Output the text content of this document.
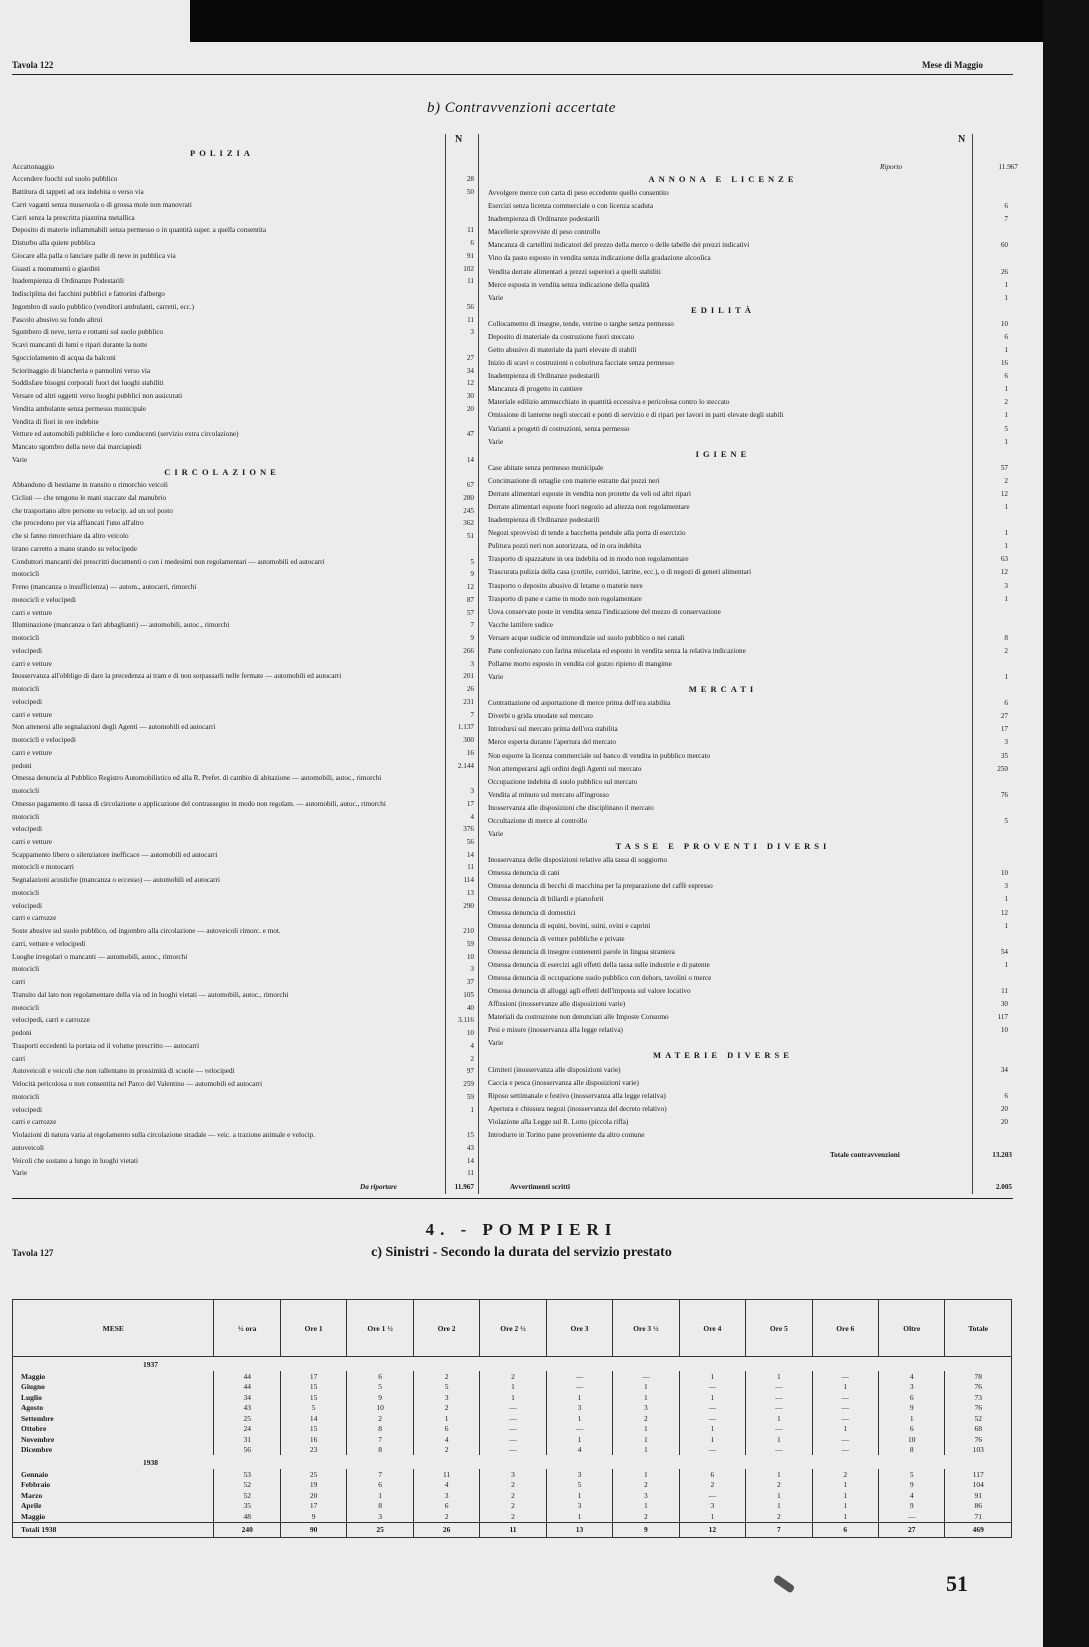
Tavola 122	Mese di Maggio
b) Contravvenzioni accertate
N	N
POLIZIA
Accattonaggio
Accendere fuochi sul suolo pubblico	28
Battitura di tappeti ad ora indebita o verso via	50
Carri vaganti senza museruola o di grossa mole non manovrati
Carri senza la prescritta piastrina metallica
Deposito di materie infiammabili senza permesso o in quantità super. a quella consentita	11
Disturbo alla quiete pubblica	6
Giocare alla palla o lanciare palle di neve in pubblica via	91
Guasti a monumenti o giardini	102
Inadempienza di Ordinanze Podestarili	11
Indisciplina dei facchini pubblici e fattorini d'albergo
Ingombro di suolo pubblico (venditori ambulanti, carretti, ecc.)	56
Pascolo abusivo su fondo altrui	11
Sgombero di neve, terra e rottami sul suolo pubblico	3
Scavi mancanti di lumi e ripari durante la notte
Sgocciolamento di acqua da balconi	27
Sciorinaggio di biancheria o pannolini verso via	34
Soddisfare bisogni corporali fuori dei luoghi stabiliti	12
Versare od altri oggetti verso luoghi pubblici non assicurati	30
Vendita ambulante senza permesso municipale	20
Vendita di fiori in ore indebite
Vetture ed automobili pubbliche e loro conducenti (servizio extra circolazione)	47
Mancato sgombro della neve dai marciapiedi
Varie	14
CIRCOLAZIONE
Abbandono di bestiame in transito o rimorchio veicoli	67
Ciclisti — che tengono le mani staccate dal manubrio	280
che trasportano altre persone su velocip. ad un sol posto	245
che procedono per via affiancati l'uno all'altro	362
che si fanno rimorchiare da altro veicolo	51
tirano carretto a mano stando su velocipede
Conduttori mancanti dei prescritti documenti o con i medesimi non regolamentari — automobili ed autocarri	5
motocicli	9
Freno (mancanza o insufficienza) — autom., autocarri, rimorchi	12
motocicli e velocipedi	87
carri e vetture	57
Illuminazione (mancanza o fari abbaglianti) — automobili, autoc., rimorchi	7
motocicli	9
velocipedi	266
carri e vetture	3
Inosservanza all'obbligo di dare la precedenza ai tram e di non sorpassarli nelle fermate — automobili ed autocarri	201
motocicli	26
velocipedi	231
carri e vetture	7
Non attenersi alle segnalazioni degli Agenti — automobili ed autocarri	1.137
motocicli e velocipedi	300
carri e vetture	16
pedoni	2.144
Omessa denuncia al Pubblico Registro Automobilistico ed alla R. Prefet. di cambio di abitazione — automobili, autoc., rimorchi
motocicli	3
Omesso pagamento di tassa di circolazione o applicazione del contrassegno in modo non regolam. — automobili, autoc., rimorchi	17
motocicli	4
velocipedi	376
carri e vetture	56
Scappamento libero o silenziatore inefficace — automobili ed autocarri	14
motocicli e motocarri	11
Segnalazioni acustiche (mancanza o eccesso) — automobili ed autocarri	114
motocicli	13
velocipedi	290
carri e carrozze
Soste abusive sul suolo pubblico, od ingombro alla circolazione — autoveicoli rimorc. e mot.	210
carri, vetture e velocipedi	59
Luoghe irregolari o mancanti — automobili, autoc., rimorchi	10
motocicli	3
carri	37
Transito dal lato non regolamentare della via od in luoghi vietati — automobili, autoc., rimorchi	105
motocicli	40
velocipedi, carri e carrozze	3.116
pedoni	10
Trasporti eccedenti la portata od il volume prescritto — autocarri	4
carri	2
Autoveicoli e veicoli che non rallentano in prossimità di scuole — velocipedi	97
Velocità pericolosa o non consentita nel Parco del Valentino — automobili ed autocarri	259
motocicli	59
velocipedi	1
carri e carrozze
Violazioni di natura varia al regolamento sulla circolazione stradale — veic. a trazione animale e velocip.	15
autoveicoli	43
Veicoli che sostano a lungo in luoghi vietati	14
Varie	11
Da riportare	11.967
Riporto	11.967
ANNONA E LICENZE
Avvolgere merce con carta di peso eccedente quello consentito
Esercizi senza licenza commerciale o con licenza scaduta	6
Inadempienza di Ordinanze podestarili	7
Macellerie sprovviste di peso controllo
Mancanza di cartellini indicatori del prezzo della merce o delle tabelle dei prezzi indicativi	60
Vino da pasto esposto in vendita senza indicazione della gradazione alcoolica
Vendita derrate alimentari a prezzi superiori a quelli stabiliti	26
Merce esposta in vendita senza indicazione della qualità	1
Varie	1
EDILITÀ
Collocamento di insegne, tende, vetrine o targhe senza permesso	10
Deposito di materiale da costruzione fuori steccato	6
Getto abusivo di materiale da parti elevate di stabili	1
Inizio di scavi o costruzioni o coloritura facciate senza permesso	16
Inadempienza di Ordinanze podestarili	6
Mancanza di progetto in cantiere	1
Materiale edilizio ammucchiato in quantità eccessiva e pericolosa contro lo steccato	2
Omissione di lanterne negli steccati e ponti di servizio e di ripari per lavori in parti elevate degli stabili	1
Varianti a progetti di costruzioni, senza permesso	5
Varie	1
IGIENE
Case abitate senza permesso municipale	57
Concimazione di ortaglie con materie estratte dai pozzi neri	2
Derrate alimentari esposte in vendita non protette da veli od altri ripari	12
Derrate alimentari esposte fuori negozio ad altezza non regolamentare	1
Inadempienza di Ordinanze podestarili
Negozi sprovvisti di tende a bacchetta pendule alla porta di esercizio	1
Pulitura pozzi neri non autorizzata, od in ora indebita	1
Trasporto di spazzature in ora indebita od in modo non regolamentare	63
Trascurata pulizia della casa (cortile, corridoi, latrine, ecc.), o di negozi di generi alimentari	12
Trasporto o deposito abusivo di letame o materie nere	3
Trasporto di pane e carne in modo non regolamentare	1
Uova conservate poste in vendita senza l'indicazione del mezzo di conservazione
Vacche lattifere sudice
Versare acque sudicie od immondizie sul suolo pubblico o nei canali	8
Pane confezionato con farina miscelata ed esposto in vendita senza la relativa indicazione	2
Pollame morto esposto in vendita col gozzo ripieno di mangime
Varie	1
MERCATI
Contrattazione od asportazione di merce prima dell'ora stabilita	6
Diverbi o grida smodate sul mercato	27
Introdursi sul mercato prima dell'ora stabilita	17
Merce esperta durante l'apertura del mercato	3
Non esporre la licenza commerciale sul banco di vendita in pubblico mercato	35
Non attemperarsi agli ordini degli Agenti sul mercato	250
Occupazione indebita di suolo pubblico sul mercato
Vendita al minuto sul mercato all'ingrosso	76
Inosservanza alle disposizioni che disciplinano il mercato
Occultazione di merce al controllo	5
Varie
TASSE E PROVENTI DIVERSI
Inosservanza delle disposizioni relative alla tassa di soggiorno
Omessa denuncia di cani	10
Omessa denuncia di becchi di macchina per la preparazione del caffè espresso	3
Omessa denuncia di biliardi e pianoforti	1
Omessa denuncia di domestici	12
Omessa denuncia di equini, bovini, suini, ovini e caprini	1
Omessa denuncia di vetture pubbliche e private
Omessa denuncia di insegne contenenti parole in lingua straniera	54
Omessa denuncia di esercizi agli effetti della tassa sulle industrie e di patente	1
Omessa denuncia di occupazione suolo pubblico con dehors, tavolini o merce
Omessa denuncia di alloggi agli effetti dell'imposta sul valore locativo	11
Affissioni (inosservanze alle disposizioni varie)	30
Materiali da costruzione non denunciati alle Imposte Consumo	117
Pesi e misure (inosservanza alla legge relativa)	10
Varie
MATERIE DIVERSE
Cimiteri (inosservanza alle disposizioni varie)	34
Caccia e pesca (inosservanza alle disposizioni varie)
Riposo settimanale e festivo (inosservanza alla legge relativa)	6
Apertura e chiusura negozi (inosservanza del decreto relativo)	20
Violazione alla Legge sul R. Lotto (piccola riffa)	20
Introdurre in Torino pane proveniente da altro comune
Totale contravvenzioni	13.203
Avvertimenti scritti	2.005
4. - POMPIERI
Tavola 127	c) Sinistri - Secondo la durata del servizio prestato
MESE	½ ora	Ore 1	Ore 1 ½	Ore 2	Ore 2 ½	Ore 3	Ore 3 ½	Ore 4	Ore 5	Ore 6	Oltre	Totale
1937												
Maggio	44	17	6	2	2	—	—	1	1	—	4	78
Giugno	44	15	5	5	1	—	1	—	—	1	3	76
Luglio	34	15	9	3	1	1	1	1	—	—	6	73
Agosto	43	5	10	2	—	3	3	—	—	—	9	76
Settembre	25	14	2	1	—	1	2	—	1	—	1	52
Ottobre	24	15	8	6	—	—	1	1	—	1	6	68
Novembre	31	16	7	4	—	1	1	1	1	—	10	76
Dicembre	56	23	8	2	—	4	1	—	—	—	8	103
1938												
Gennaio	53	25	7	11	3	3	1	6	1	2	5	117
Febbraio	52	19	6	4	2	5	2	2	2	1	9	104
Marzo	52	20	1	3	2	1	3	—	1	1	4	91
Aprile	35	17	8	6	2	3	1	3	1	1	9	86
Maggio	48	9	3	2	2	1	2	1	2	1	—	71
Totali 1938	240	90	25	26	11	13	9	12	7	6	27	469
51
